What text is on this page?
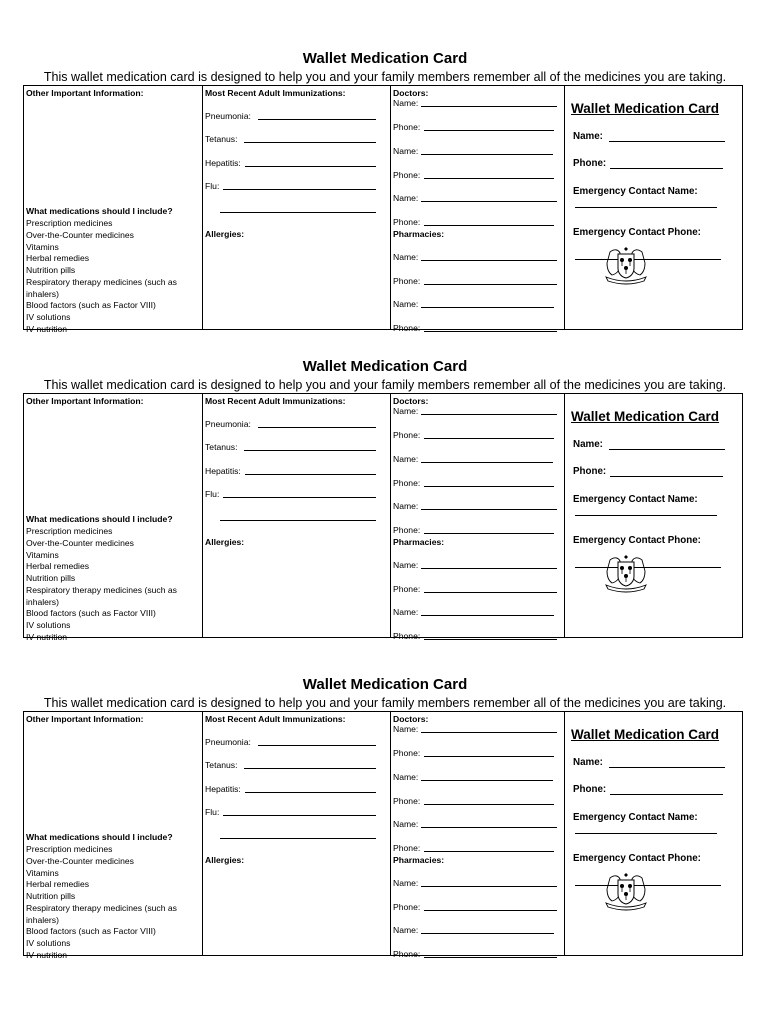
Wallet Medication Card
This wallet medication card is designed to help you and your family members remember all of the medicines you are taking.
Other Important Information:
What medications should I include?
Prescription medicines
Over-the-Counter medicines
Vitamins
Herbal remedies
Nutrition pills
Respiratory therapy medicines (such as
inhalers)
Blood factors (such as Factor VIII)
IV solutions
IV nutrition
Most Recent Adult Immunizations:
Pneumonia:
Tetanus:
Hepatitis:
Flu:
Allergies:
Doctors:
Name:
Phone:
Name:
Phone:
Name:
Phone:
Pharmacies:
Name:
Phone:
Name:
Phone:
Wallet Medication Card
Name:
Phone:
Emergency Contact Name:
Emergency Contact Phone:
Wallet Medication Card
This wallet medication card is designed to help you and your family members remember all of the medicines you are taking.
Other Important Information:
What medications should I include?
Prescription medicines
Over-the-Counter medicines
Vitamins
Herbal remedies
Nutrition pills
Respiratory therapy medicines (such as
inhalers)
Blood factors (such as Factor VIII)
IV solutions
IV nutrition
Most Recent Adult Immunizations:
Pneumonia:
Tetanus:
Hepatitis:
Flu:
Allergies:
Doctors:
Name:
Phone:
Name:
Phone:
Name:
Phone:
Pharmacies:
Name:
Phone:
Name:
Phone:
Wallet Medication Card
Name:
Phone:
Emergency Contact Name:
Emergency Contact Phone:
Wallet Medication Card
This wallet medication card is designed to help you and your family members remember all of the medicines you are taking.
Other Important Information:
What medications should I include?
Prescription medicines
Over-the-Counter medicines
Vitamins
Herbal remedies
Nutrition pills
Respiratory therapy medicines (such as
inhalers)
Blood factors (such as Factor VIII)
IV solutions
IV nutrition
Most Recent Adult Immunizations:
Pneumonia:
Tetanus:
Hepatitis:
Flu:
Allergies:
Doctors:
Name:
Phone:
Name:
Phone:
Name:
Phone:
Pharmacies:
Name:
Phone:
Name:
Phone:
Wallet Medication Card
Name:
Phone:
Emergency Contact Name:
Emergency Contact Phone:
